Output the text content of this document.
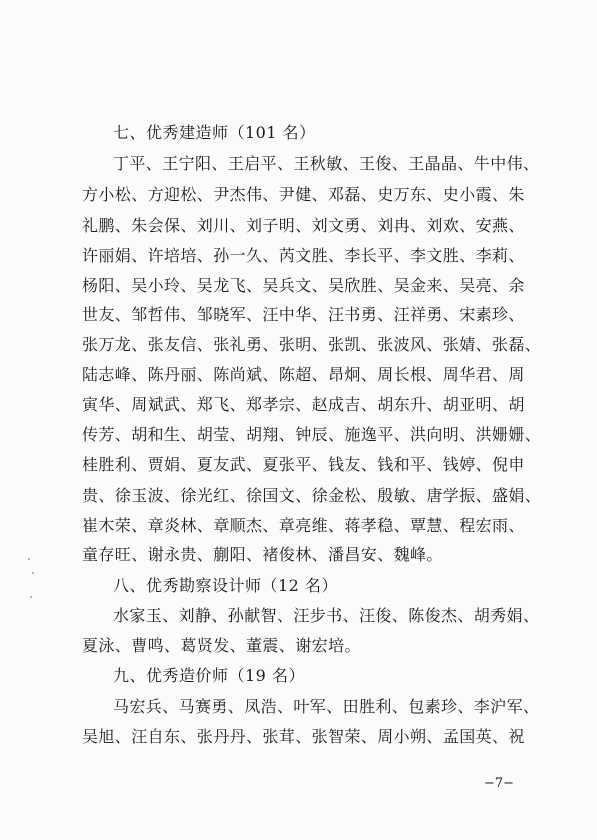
七、优秀建造师（101 名）
丁平、王宁阳、王启平、王秋敏、王俊、王晶晶、牛中伟、
方小松、方迎松、尹杰伟、尹健、邓磊、史万东、史小霞、朱
礼鹏、朱会保、刘川、刘子明、刘文勇、刘冉、刘欢、安燕、
许丽娟、许培培、孙一久、芮文胜、李长平、李文胜、李莉、
杨阳、吴小玲、吴龙飞、吴兵文、吴欣胜、吴金来、吴亮、余
世友、邹哲伟、邹晓军、汪中华、汪书勇、汪祥勇、宋素珍、
张万龙、张友信、张礼勇、张明、张凯、张波风、张婧、张磊、
陆志峰、陈丹丽、陈尚斌、陈超、昂炯、周长根、周华君、周
寅华、周斌武、郑飞、郑孝宗、赵成吉、胡东升、胡亚明、胡
传芳、胡和生、胡莹、胡翔、钟辰、施逸平、洪向明、洪姗姗、
桂胜利、贾娟、夏友武、夏张平、钱友、钱和平、钱婷、倪申
贵、徐玉波、徐光红、徐国文、徐金松、殷敏、唐学振、盛娟、
崔木荣、章炎林、章顺杰、章亮维、蒋孝稳、覃慧、程宏雨、
童存旺、谢永贵、蒯阳、褚俊林、潘昌安、魏峰。
八、优秀勘察设计师（12 名）
水家玉、刘静、孙献智、汪步书、汪俊、陈俊杰、胡秀娟、
夏泳、曹鸣、葛贤发、董震、谢宏培。
九、优秀造价师（19 名）
马宏兵、马赛勇、凤浩、叶军、田胜利、包素珍、李沪军、
吴旭、汪自东、张丹丹、张茸、张智荣、周小朔、孟国英、祝
−7−
